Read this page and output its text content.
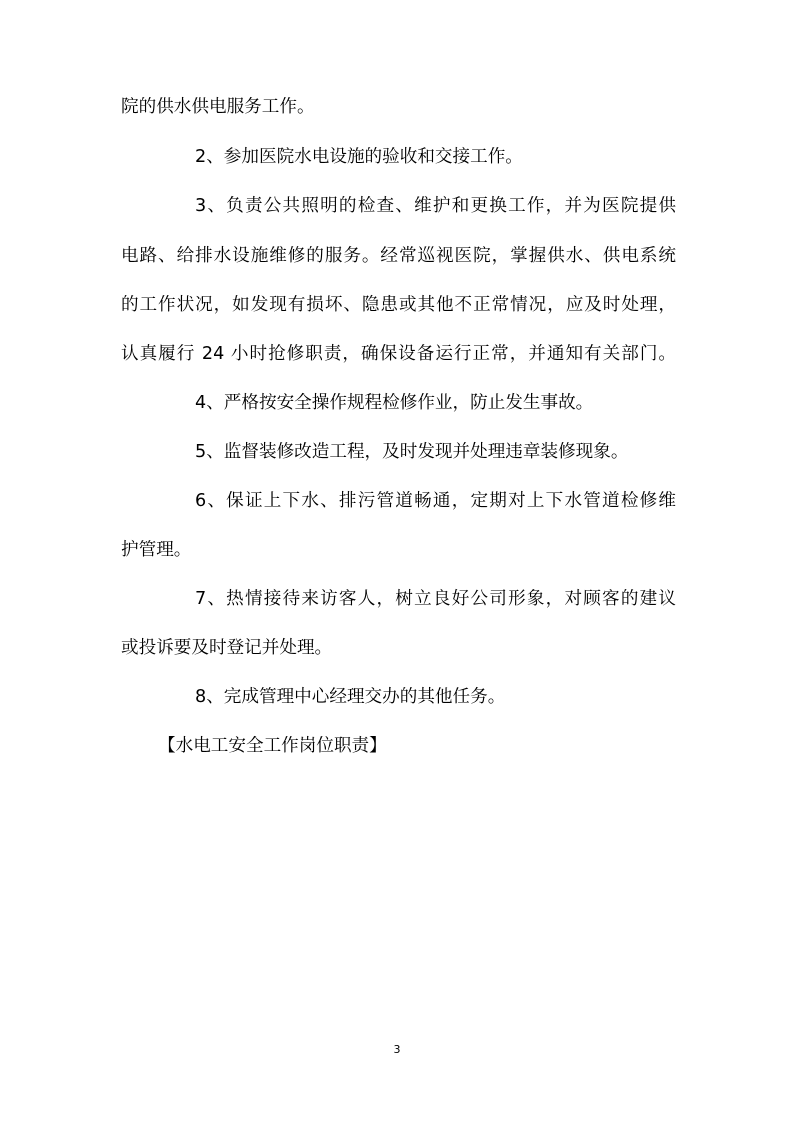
院的供水供电服务工作。
2、参加医院水电设施的验收和交接工作。
3、负责公共照明的检查、维护和更换工作，并为医院提供
电路、给排水设施维修的服务。经常巡视医院，掌握供水、供电系统
的工作状况，如发现有损坏、隐患或其他不正常情况，应及时处理，
认真履行 24 小时抢修职责，确保设备运行正常，并通知有关部门。
4、严格按安全操作规程检修作业，防止发生事故。
5、监督装修改造工程，及时发现并处理违章装修现象。
6、保证上下水、排污管道畅通，定期对上下水管道检修维
护管理。
7、热情接待来访客人，树立良好公司形象，对顾客的建议
或投诉要及时登记并处理。
8、完成管理中心经理交办的其他任务。
【水电工安全工作岗位职责】
3
